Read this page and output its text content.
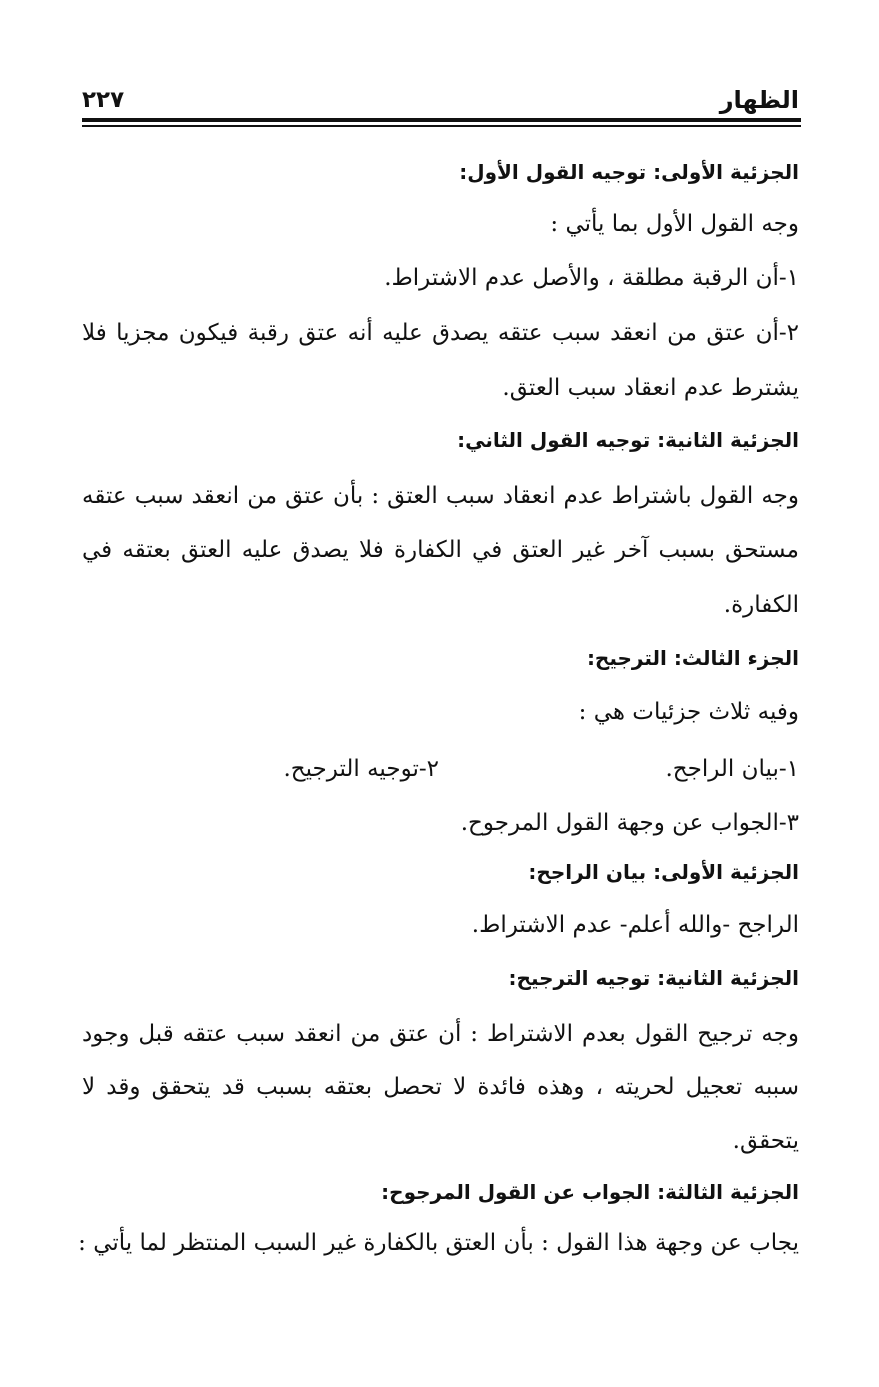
الظهار
٢٢٧
الجزئية الأولى: توجيه القول الأول:
وجه القول الأول بما يأتي :
١-أن الرقبة مطلقة ، والأصل عدم الاشتراط.
٢-أن عتق من انعقد سبب عتقه يصدق عليه أنه عتق رقبة فيكون مجزيا فلا
يشترط عدم انعقاد سبب العتق.
الجزئية الثانية: توجيه القول الثاني:
وجه القول باشتراط عدم انعقاد سبب العتق : بأن عتق من انعقد سبب عتقه
مستحق بسبب آخر غير العتق في الكفارة فلا يصدق عليه العتق بعتقه في
الكفارة.
الجزء الثالث: الترجيح:
وفيه ثلاث جزئيات هي :
١-بيان الراجح.
٢-توجيه الترجيح.
٣-الجواب عن وجهة القول المرجوح.
الجزئية الأولى: بيان الراجح:
الراجح -والله أعلم- عدم الاشتراط.
الجزئية الثانية: توجيه الترجيح:
وجه ترجيح القول بعدم الاشتراط : أن عتق من انعقد سبب عتقه قبل وجود
سببه تعجيل لحريته ، وهذه فائدة لا تحصل بعتقه بسبب قد يتحقق وقد لا
يتحقق.
الجزئية الثالثة: الجواب عن القول المرجوح:
يجاب عن وجهة هذا القول : بأن العتق بالكفارة غير السبب المنتظر لما يأتي :
